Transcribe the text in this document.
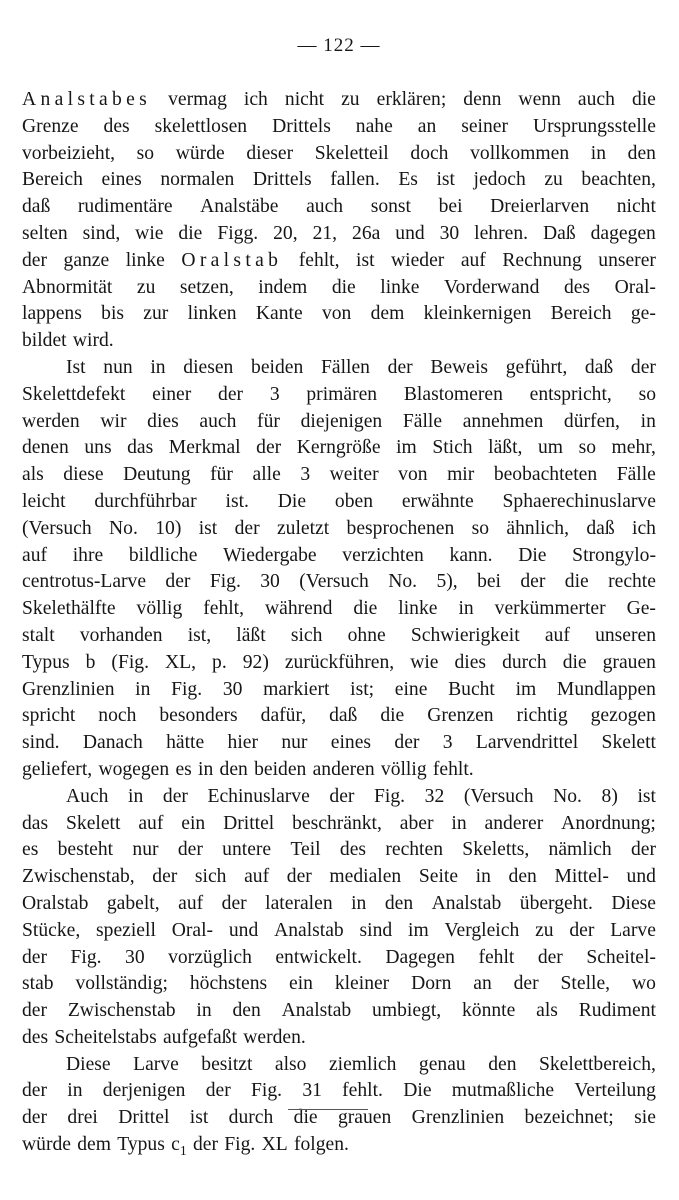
— 122 —
Analstabes vermag ich nicht zu erklären; denn wenn auch die
Grenze des skelettlosen Drittels nahe an seiner Ursprungsstelle
vorbeizieht, so würde dieser Skeletteil doch vollkommen in den
Bereich eines normalen Drittels fallen. Es ist jedoch zu beachten,
daß rudimentäre Analstäbe auch sonst bei Dreierlarven nicht
selten sind, wie die Figg. 20, 21, 26a und 30 lehren. Daß dagegen
der ganze linke Oralstab fehlt, ist wieder auf Rechnung unserer
Abnormität zu setzen, indem die linke Vorderwand des Oral-
lappens bis zur linken Kante von dem kleinkernigen Bereich ge-
bildet wird.
Ist nun in diesen beiden Fällen der Beweis geführt, daß der
Skelettdefekt einer der 3 primären Blastomeren entspricht, so
werden wir dies auch für diejenigen Fälle annehmen dürfen, in
denen uns das Merkmal der Kerngröße im Stich läßt, um so mehr,
als diese Deutung für alle 3 weiter von mir beobachteten Fälle
leicht durchführbar ist. Die oben erwähnte Sphaerechinuslarve
(Versuch No. 10) ist der zuletzt besprochenen so ähnlich, daß ich
auf ihre bildliche Wiedergabe verzichten kann. Die Strongylo-
centrotus-Larve der Fig. 30 (Versuch No. 5), bei der die rechte
Skelethälfte völlig fehlt, während die linke in verkümmerter Ge-
stalt vorhanden ist, läßt sich ohne Schwierigkeit auf unseren
Typus b (Fig. XL, p. 92) zurückführen, wie dies durch die grauen
Grenzlinien in Fig. 30 markiert ist; eine Bucht im Mundlappen
spricht noch besonders dafür, daß die Grenzen richtig gezogen
sind. Danach hätte hier nur eines der 3 Larvendrittel Skelett
geliefert, wogegen es in den beiden anderen völlig fehlt.
Auch in der Echinuslarve der Fig. 32 (Versuch No. 8) ist
das Skelett auf ein Drittel beschränkt, aber in anderer Anordnung;
es besteht nur der untere Teil des rechten Skeletts, nämlich der
Zwischenstab, der sich auf der medialen Seite in den Mittel- und
Oralstab gabelt, auf der lateralen in den Analstab übergeht. Diese
Stücke, speziell Oral- und Analstab sind im Vergleich zu der Larve
der Fig. 30 vorzüglich entwickelt. Dagegen fehlt der Scheitel-
stab vollständig; höchstens ein kleiner Dorn an der Stelle, wo
der Zwischenstab in den Analstab umbiegt, könnte als Rudiment
des Scheitelstabs aufgefaßt werden.
Diese Larve besitzt also ziemlich genau den Skelettbereich,
der in derjenigen der Fig. 31 fehlt. Die mutmaßliche Verteilung
der drei Drittel ist durch die grauen Grenzlinien bezeichnet; sie
würde dem Typus $c_1$ der Fig. XL folgen.
